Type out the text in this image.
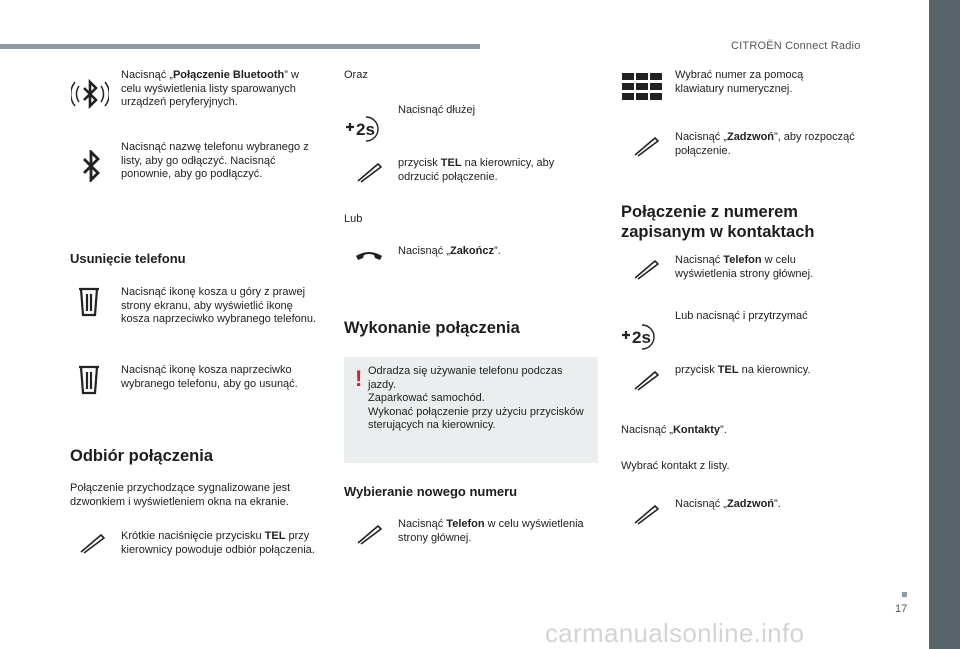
CITROËN Connect Radio
17
carmanualsonline.info
Nacisnąć „Połączenie Bluetooth” w celu wyświetlenia listy sparowanych urządzeń peryferyjnych.
Nacisnąć nazwę telefonu wybranego z listy, aby go odłączyć. Nacisnąć ponownie, aby go podłączyć.
Usunięcie telefonu
Nacisnąć ikonę kosza u góry z prawej strony ekranu, aby wyświetlić ikonę kosza naprzeciwko wybranego telefonu.
Nacisnąć ikonę kosza naprzeciwko wybranego telefonu, aby go usunąć.
Odbiór połączenia
Połączenie przychodzące sygnalizowane jest dzwonkiem i wyświetleniem okna na ekranie.
Krótkie naciśnięcie przycisku TEL przy kierownicy powoduje odbiór połączenia.
Oraz
2s
Nacisnąć dłużej
przycisk TEL na kierownicy, aby odrzucić połączenie.
Lub
Nacisnąć „Zakończ”.
Wykonanie połączenia
! Odradza się używanie telefonu podczas jazdy.
Zaparkować samochód.
Wykonać połączenie przy użyciu przycisków sterujących na kierownicy.
Wybieranie nowego numeru
Nacisnąć Telefon w celu wyświetlenia strony głównej.
Wybrać numer za pomocą klawiatury numerycznej.
Nacisnąć „Zadzwoń”, aby rozpocząć połączenie.
Połączenie z numerem zapisanym w kontaktach
Nacisnąć Telefon w celu wyświetlenia strony głównej.
2s
Lub nacisnąć i przytrzymać
przycisk TEL na kierownicy.
Nacisnąć „Kontakty”.
Wybrać kontakt z listy.
Nacisnąć „Zadzwoń”.
